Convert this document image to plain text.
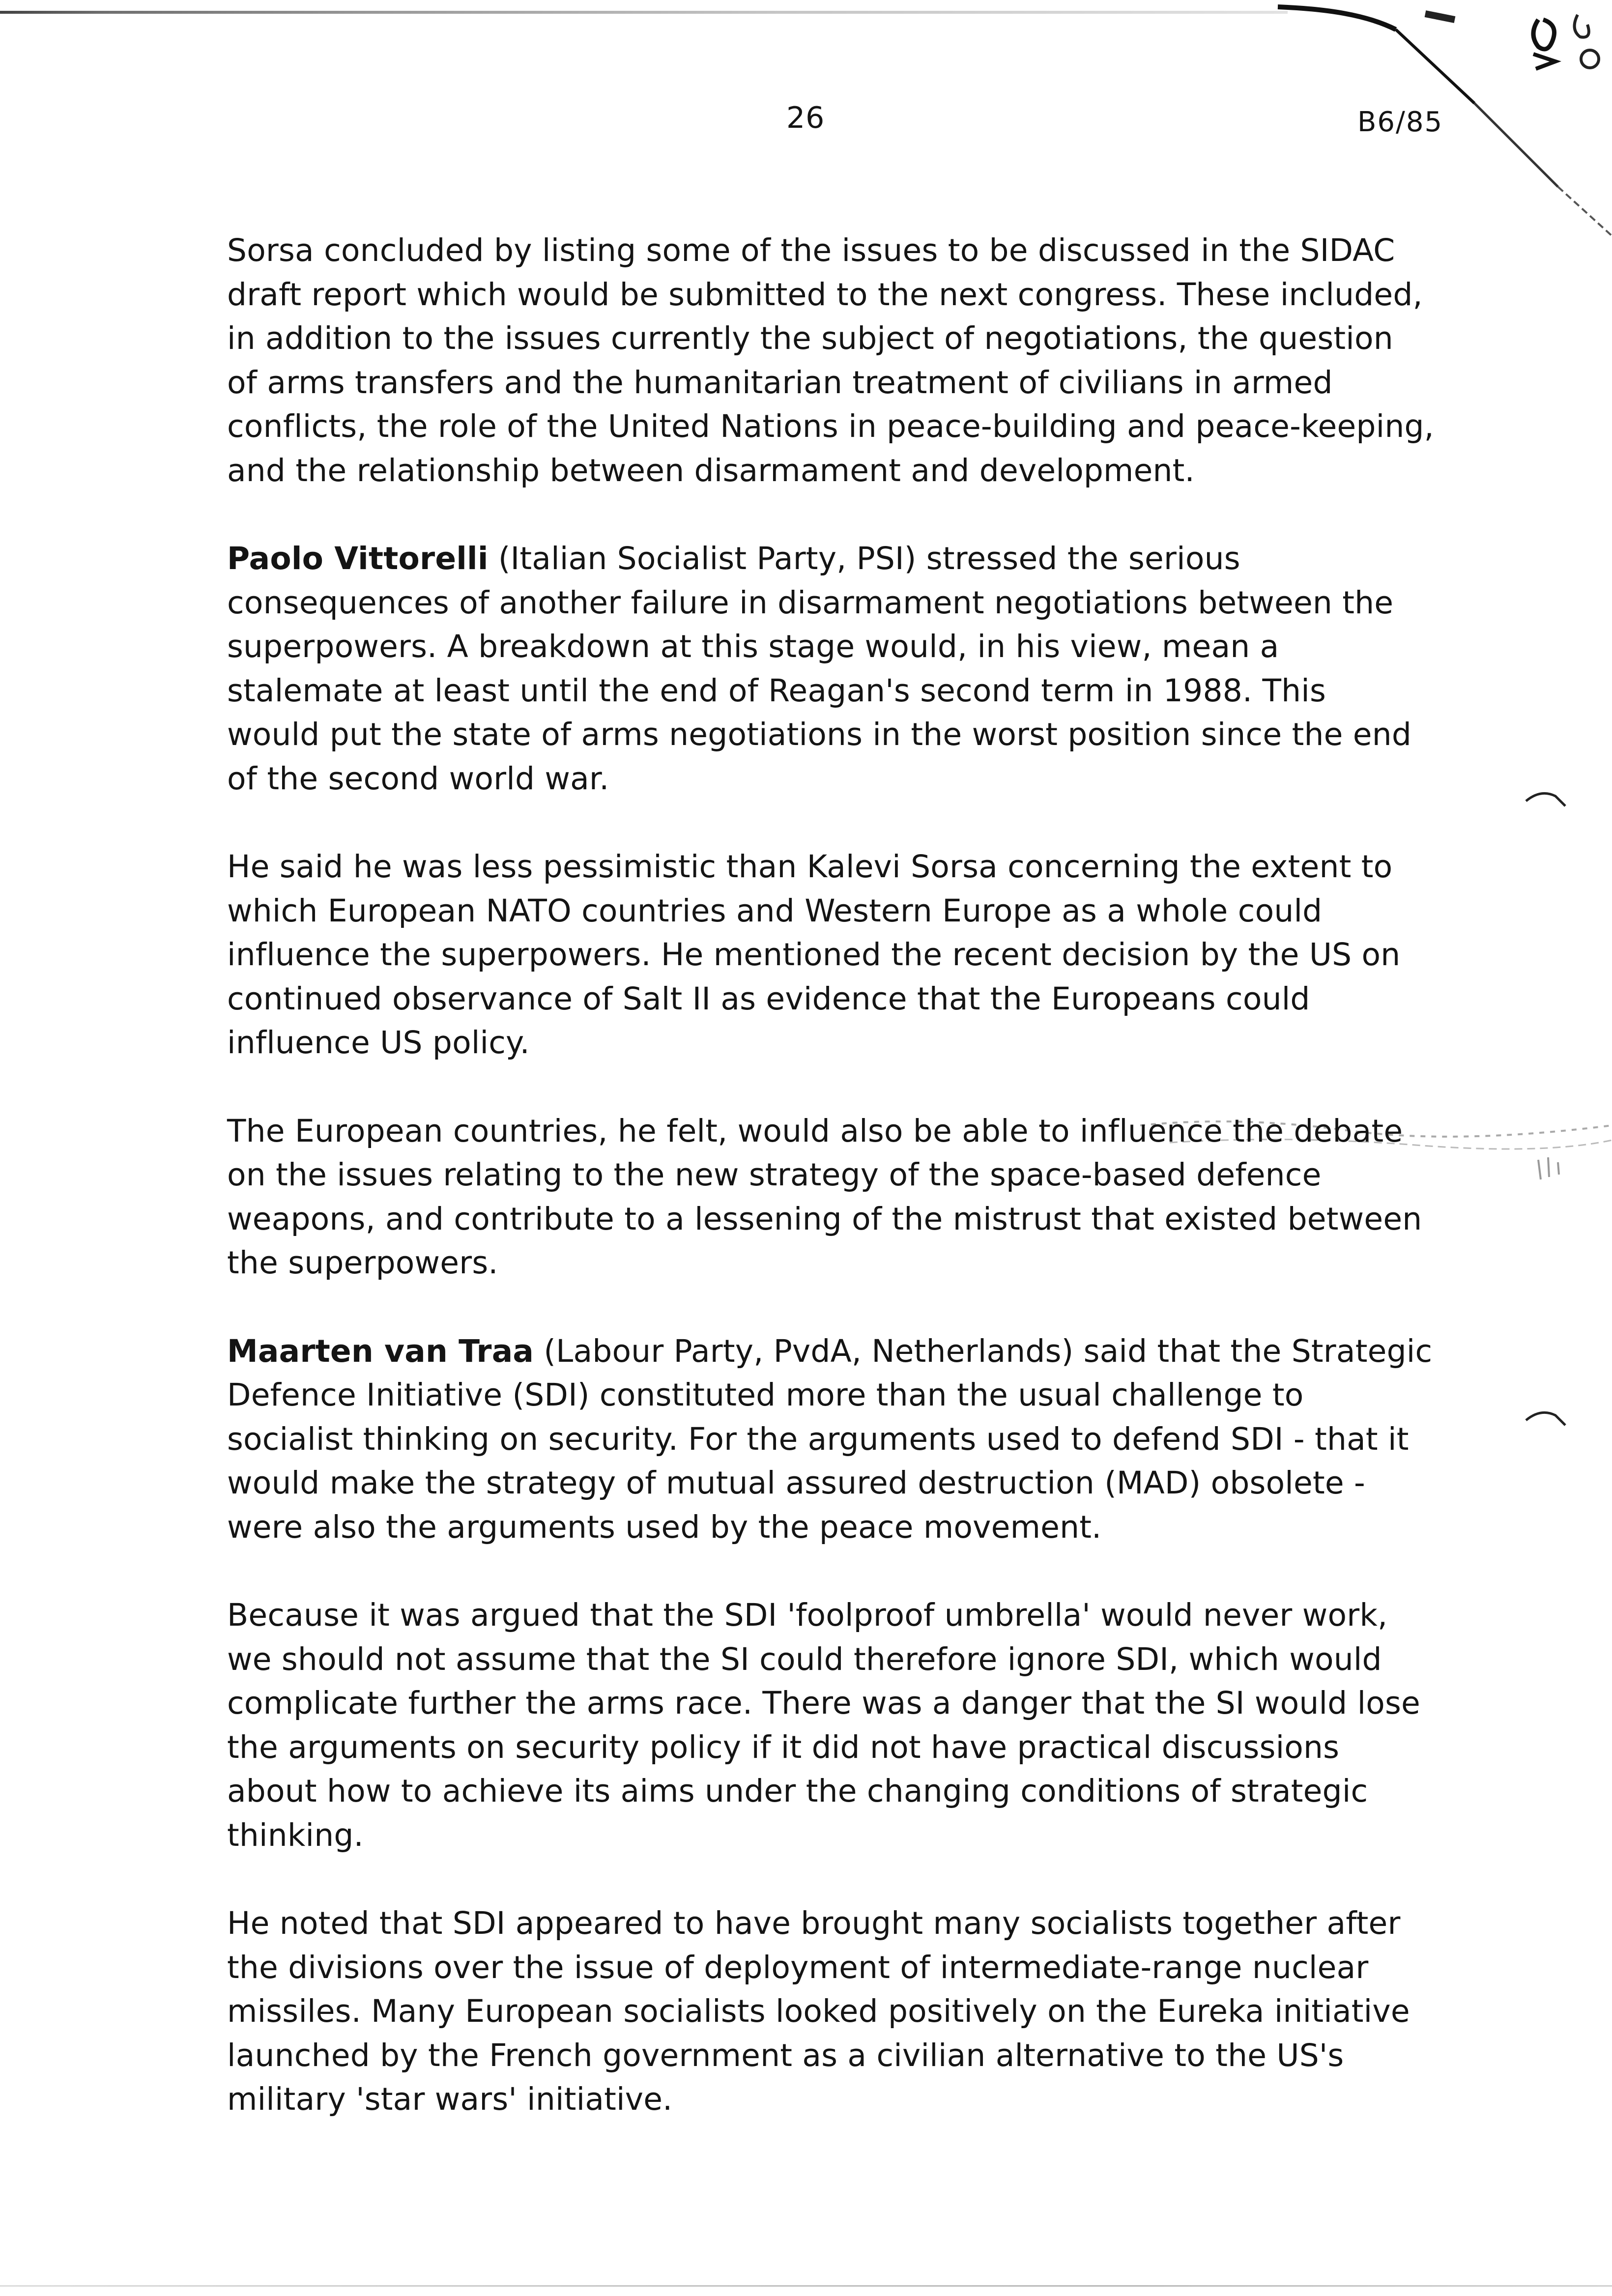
26	B6/85

Sorsa concluded by listing some of the issues to be discussed in the SIDAC
draft report which would be submitted to the next congress. These included,
in addition to the issues currently the subject of negotiations, the question
of arms transfers and the humanitarian treatment of civilians in armed
conflicts, the role of the United Nations in peace-building and peace-keeping,
and the relationship between disarmament and development.

Paolo Vittorelli (Italian Socialist Party, PSI) stressed the serious
consequences of another failure in disarmament negotiations between the
superpowers. A breakdown at this stage would, in his view, mean a
stalemate at least until the end of Reagan's second term in 1988. This
would put the state of arms negotiations in the worst position since the end
of the second world war.

He said he was less pessimistic than Kalevi Sorsa concerning the extent to
which European NATO countries and Western Europe as a whole could
influence the superpowers. He mentioned the recent decision by the US on
continued observance of Salt II as evidence that the Europeans could
influence US policy.

The European countries, he felt, would also be able to influence the debate
on the issues relating to the new strategy of the space-based defence
weapons, and contribute to a lessening of the mistrust that existed between
the superpowers.

Maarten van Traa (Labour Party, PvdA, Netherlands) said that the Strategic
Defence Initiative (SDI) constituted more than the usual challenge to
socialist thinking on security. For the arguments used to defend SDI - that it
would make the strategy of mutual assured destruction (MAD) obsolete -
were also the arguments used by the peace movement.

Because it was argued that the SDI 'foolproof umbrella' would never work,
we should not assume that the SI could therefore ignore SDI, which would
complicate further the arms race. There was a danger that the SI would lose
the arguments on security policy if it did not have practical discussions
about how to achieve its aims under the changing conditions of strategic
thinking.

He noted that SDI appeared to have brought many socialists together after
the divisions over the issue of deployment of intermediate-range nuclear
missiles. Many European socialists looked positively on the Eureka initiative
launched by the French government as a civilian alternative to the US's
military 'star wars' initiative.
